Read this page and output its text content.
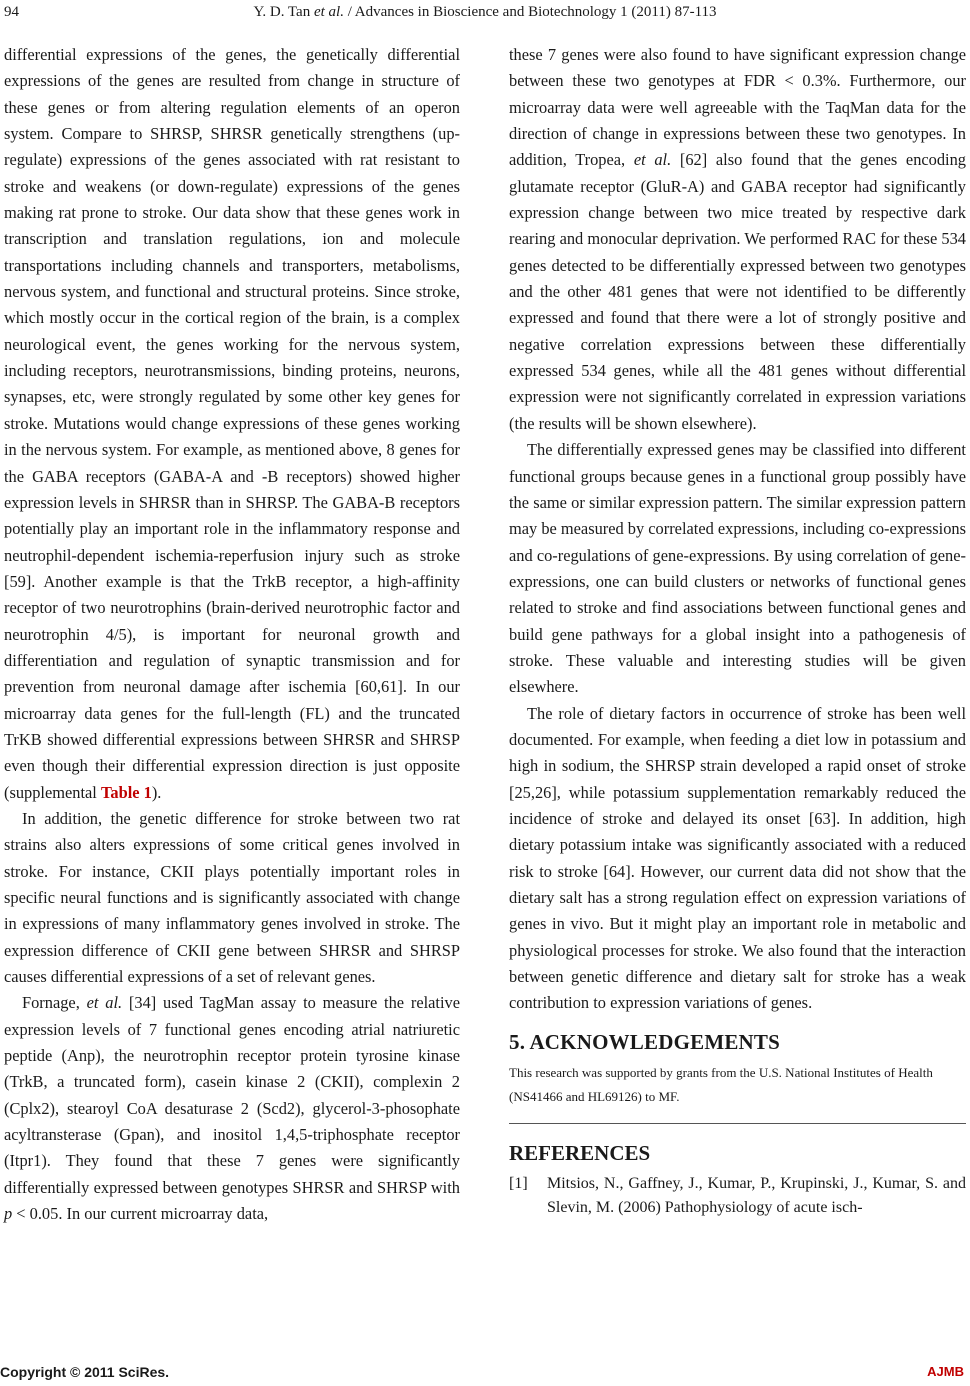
94	Y. D. Tan et al. / Advances in Bioscience and Biotechnology 1 (2011) 87-113

differential expressions of the genes, the genetically differential expressions of the genes are resulted from change in structure of these genes or from altering regulation elements of an operon system. Compare to SHRSP, SHRSR genetically strengthens (up-regulate) expressions of the genes associated with rat resistant to stroke and weakens (or down-regulate) expressions of the genes making rat prone to stroke. Our data show that these genes work in transcription and translation regulations, ion and molecule transportations including channels and transporters, metabolisms, nervous system, and functional and structural proteins. Since stroke, which mostly occur in the cortical region of the brain, is a complex neurological event, the genes working for the nervous system, including receptors, neurotransmissions, binding proteins, neurons, synapses, etc, were strongly regulated by some other key genes for stroke. Mutations would change expressions of these genes working in the nervous system. For example, as mentioned above, 8 genes for the GABA receptors (GABA-A and -B receptors) showed higher expression levels in SHRSR than in SHRSP. The GABA-B receptors potentially play an important role in the inflammatory response and neutrophil-dependent ischemia-reperfusion injury such as stroke [59]. Another example is that the TrkB receptor, a high-affinity receptor of two neurotrophins (brain-derived neurotrophic factor and neurotrophin 4/5), is important for neuronal growth and differentiation and regulation of synaptic transmission and for prevention from neuronal damage after ischemia [60,61]. In our microarray data genes for the full-length (FL) and the truncated TrKB showed differential expressions between SHRSR and SHRSP even though their differential expression direction is just opposite (supplemental Table 1).

In addition, the genetic difference for stroke between two rat strains also alters expressions of some critical genes involved in stroke. For instance, CKII plays potentially important roles in specific neural functions and is significantly associated with change in expressions of many inflammatory genes involved in stroke. The expression difference of CKII gene between SHRSR and SHRSP causes differential expressions of a set of relevant genes.

Fornage, et al. [34] used TagMan assay to measure the relative expression levels of 7 functional genes encoding atrial natriuretic peptide (Anp), the neurotrophin receptor protein tyrosine kinase (TrkB, a truncated form), casein kinase 2 (CKII), complexin 2 (Cplx2), stearoyl CoA desaturase 2 (Scd2), glycerol-3-phosophate acyltransterase (Gpan), and inositol 1,4,5-triphosphate receptor (Itpr1). They found that these 7 genes were significantly differentially expressed between genotypes SHRSR and SHRSP with p < 0.05. In our current microarray data,

these 7 genes were also found to have significant expression change between these two genotypes at FDR < 0.3%. Furthermore, our microarray data were well agreeable with the TaqMan data for the direction of change in expressions between these two genotypes. In addition, Tropea, et al. [62] also found that the genes encoding glutamate receptor (GluR-A) and GABA receptor had significantly expression change between two mice treated by respective dark rearing and monocular deprivation. We performed RAC for these 534 genes detected to be differentially expressed between two genotypes and the other 481 genes that were not identified to be differently expressed and found that there were a lot of strongly positive and negative correlation expressions between these differentially expressed 534 genes, while all the 481 genes without differential expression were not significantly correlated in expression variations (the results will be shown elsewhere).

The differentially expressed genes may be classified into different functional groups because genes in a functional group possibly have the same or similar expression pattern. The similar expression pattern may be measured by correlated expressions, including co-expressions and co-regulations of gene-expressions. By using correlation of gene-expressions, one can build clusters or networks of functional genes related to stroke and find associations between functional genes and build gene pathways for a global insight into a pathogenesis of stroke. These valuable and interesting studies will be given elsewhere.

The role of dietary factors in occurrence of stroke has been well documented. For example, when feeding a diet low in potassium and high in sodium, the SHRSP strain developed a rapid onset of stroke [25,26], while potassium supplementation remarkably reduced the incidence of stroke and delayed its onset [63]. In addition, high dietary potassium intake was significantly associated with a reduced risk to stroke [64]. However, our current data did not show that the dietary salt has a strong regulation effect on expression variations of genes in vivo. But it might play an important role in metabolic and physiological processes for stroke. We also found that the interaction between genetic difference and dietary salt for stroke has a weak contribution to expression variations of genes.

5. ACKNOWLEDGEMENTS

This research was supported by grants from the U.S. National Institutes of Health (NS41466 and HL69126) to MF.

REFERENCES
[1]	Mitsios, N., Gaffney, J., Kumar, P., Krupinski, J., Kumar, S. and Slevin, M. (2006) Pathophysiology of acute isch-
Copyright © 2011 SciRes.	AJMB
